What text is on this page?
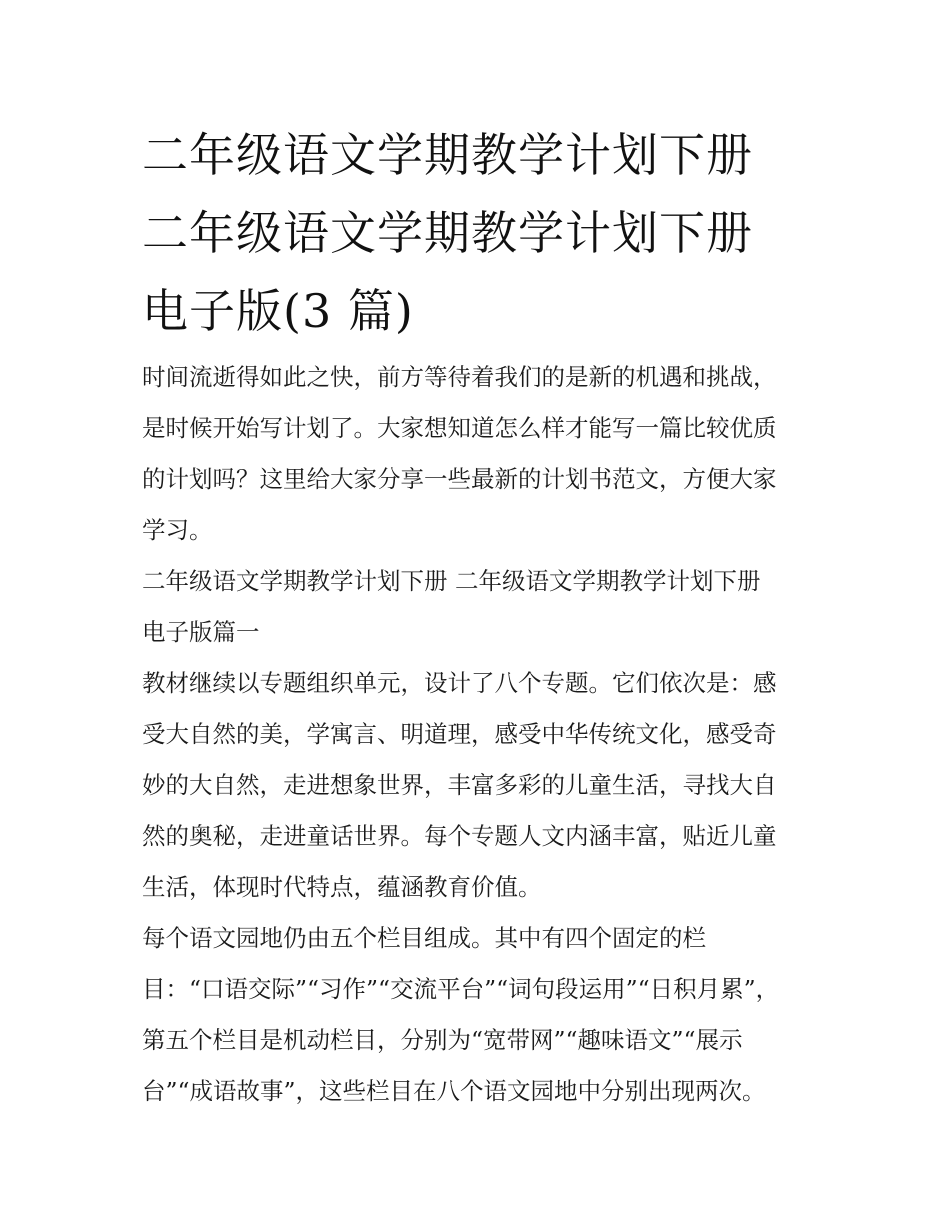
二年级语文学期教学计划下册
二年级语文学期教学计划下册
电子版(3 篇)
时间流逝得如此之快，前方等待着我们的是新的机遇和挑战，
是时候开始写计划了。大家想知道怎么样才能写一篇比较优质
的计划吗？这里给大家分享一些最新的计划书范文，方便大家
学习。
二年级语文学期教学计划下册 二年级语文学期教学计划下册
电子版篇一
教材继续以专题组织单元，设计了八个专题。它们依次是：感
受大自然的美，学寓言、明道理，感受中华传统文化，感受奇
妙的大自然，走进想象世界，丰富多彩的儿童生活，寻找大自
然的奥秘，走进童话世界。每个专题人文内涵丰富，贴近儿童
生活，体现时代特点，蕴涵教育价值。
每个语文园地仍由五个栏目组成。其中有四个固定的栏
目：“口语交际”“习作”“交流平台”“词句段运用”“日积月累”，
第五个栏目是机动栏目，分别为“宽带网”“趣味语文”“展示
台”“成语故事”，这些栏目在八个语文园地中分别出现两次。
